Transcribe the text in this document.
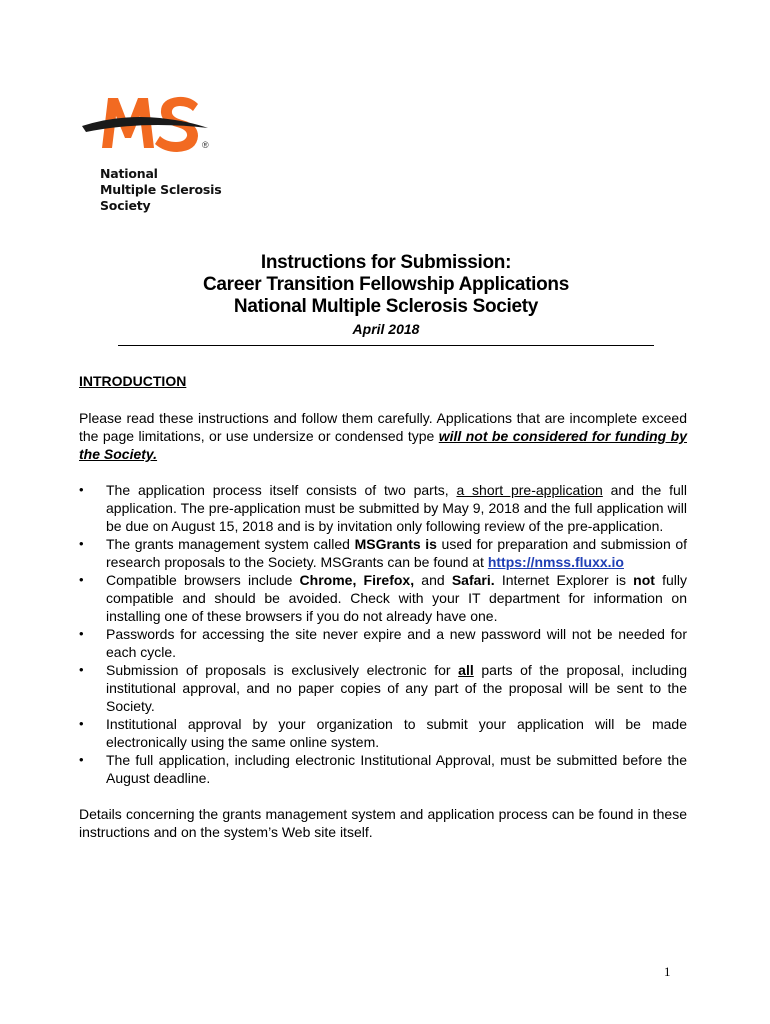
®
National
Multiple Sclerosis
Society
Instructions for Submission:
Career Transition Fellowship Applications
National Multiple Sclerosis Society
April 2018
INTRODUCTION

Please read these instructions and follow them carefully. Applications that are incomplete exceed the page limitations, or use undersize or condensed type will not be considered for funding by the Society.

• The application process itself consists of two parts, a short pre-application and the full application. The pre-application must be submitted by May 9, 2018 and the full application will be due on August 15, 2018 and is by invitation only following review of the pre-application.
• The grants management system called MSGrants is used for preparation and submission of research proposals to the Society. MSGrants can be found at https://nmss.fluxx.io
• Compatible browsers include Chrome, Firefox, and Safari. Internet Explorer is not fully compatible and should be avoided. Check with your IT department for information on installing one of these browsers if you do not already have one.
• Passwords for accessing the site never expire and a new password will not be needed for each cycle.
• Submission of proposals is exclusively electronic for all parts of the proposal, including institutional approval, and no paper copies of any part of the proposal will be sent to the Society.
• Institutional approval by your organization to submit your application will be made electronically using the same online system.
• The full application, including electronic Institutional Approval, must be submitted before the August deadline.

Details concerning the grants management system and application process can be found in these instructions and on the system’s Web site itself.

1
